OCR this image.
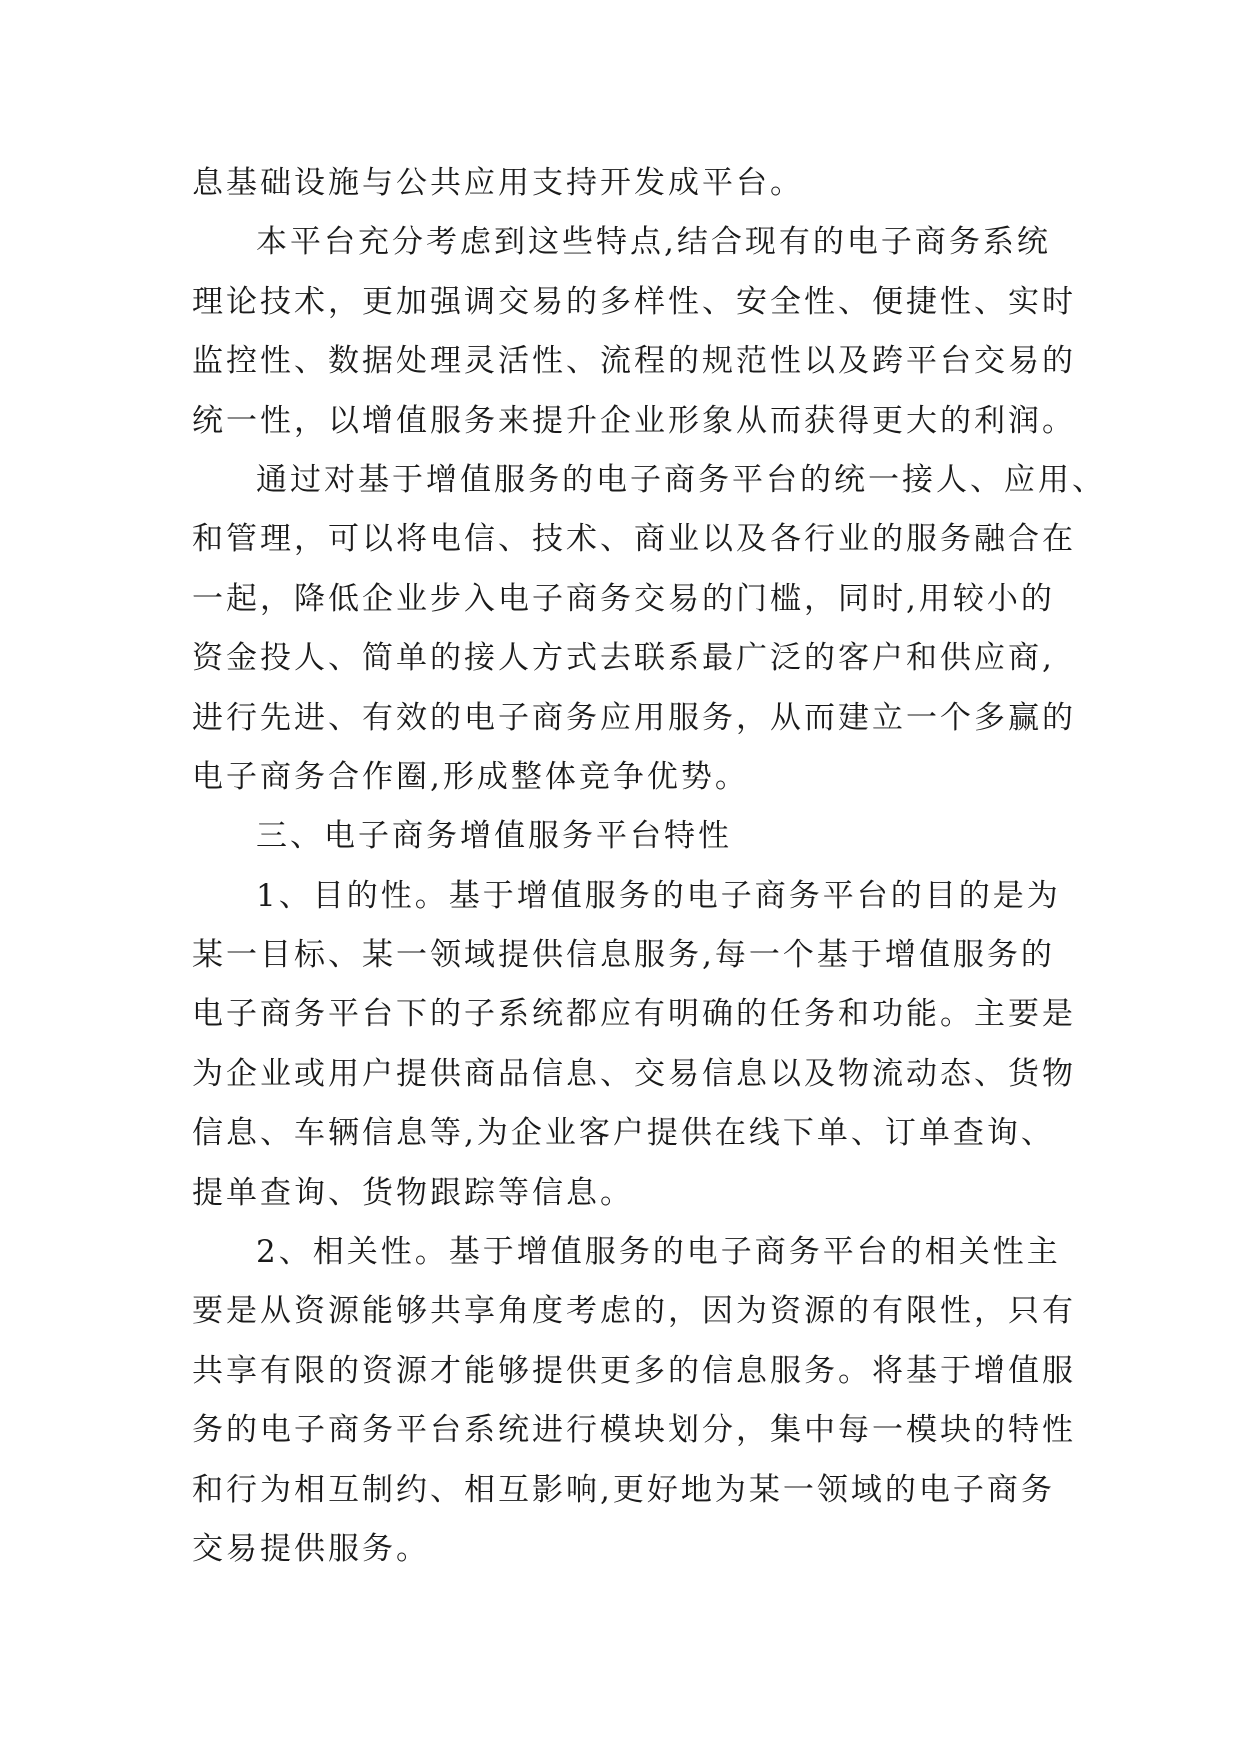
息基础设施与公共应用支持开发成平台。
本平台充分考虑到这些特点,结合现有的电子商务系统
理论技术，更加强调交易的多样性、安全性、便捷性、实时
监控性、数据处理灵活性、流程的规范性以及跨平台交易的
统一性，以增值服务来提升企业形象从而获得更大的利润。
通过对基于增值服务的电子商务平台的统一接人、应用、
和管理，可以将电信、技术、商业以及各行业的服务融合在
一起，降低企业步入电子商务交易的门槛，同时,用较小的
资金投人、简单的接人方式去联系最广泛的客户和供应商,
进行先进、有效的电子商务应用服务，从而建立一个多赢的
电子商务合作圈,形成整体竞争优势。
三、电子商务增值服务平台特性
1、目的性。基于增值服务的电子商务平台的目的是为
某一目标、某一领域提供信息服务,每一个基于增值服务的
电子商务平台下的子系统都应有明确的任务和功能。主要是
为企业或用户提供商品信息、交易信息以及物流动态、货物
信息、车辆信息等,为企业客户提供在线下单、订单查询、
提单查询、货物跟踪等信息。
2、相关性。基于增值服务的电子商务平台的相关性主
要是从资源能够共享角度考虑的，因为资源的有限性，只有
共享有限的资源才能够提供更多的信息服务。将基于增值服
务的电子商务平台系统进行模块划分，集中每一模块的特性
和行为相互制约、相互影响,更好地为某一领域的电子商务
交易提供服务。
